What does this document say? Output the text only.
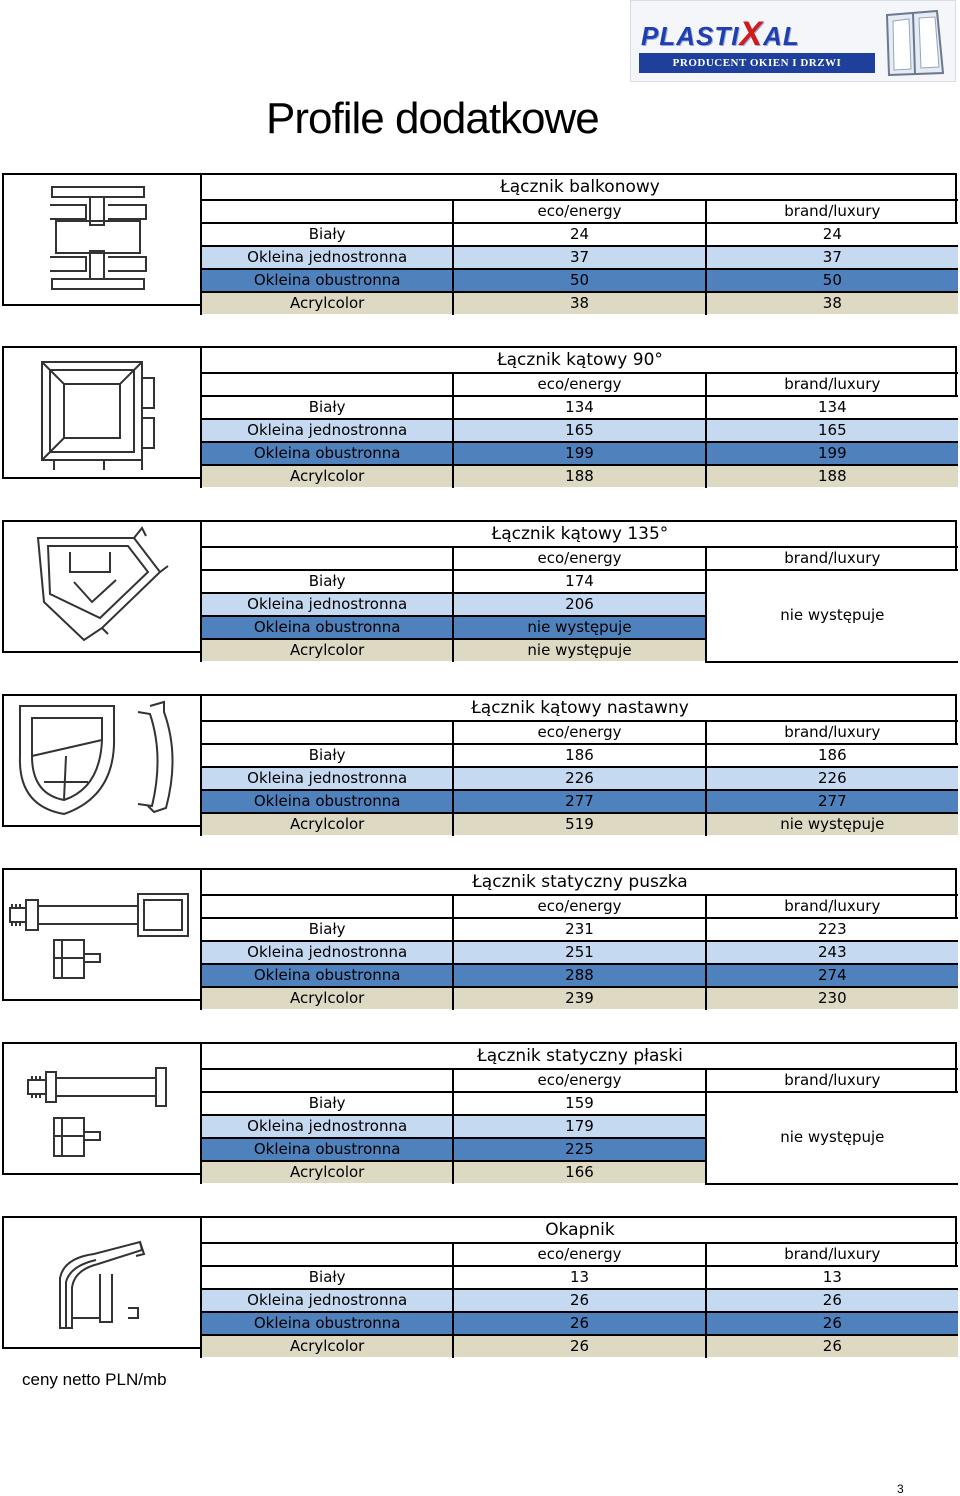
PLASTIXAL
PRODUCENT OKIEN I DRZWI
Profile dodatkowe
Łącznik balkonowy		
	eco/energy	brand/luxury
Biały	24	24
Okleina jednostronna	37	37
Okleina obustronna	50	50
Acrylcolor	38	38
Łącznik kątowy 90°		
	eco/energy	brand/luxury
Biały	134	134
Okleina jednostronna	165	165
Okleina obustronna	199	199
Acrylcolor	188	188
Łącznik kątowy 135°		
	eco/energy	brand/luxury
Biały	174	nie występuje
Okleina jednostronna	206	
Okleina obustronna	nie występuje	
Acrylcolor	nie występuje	
Łącznik kątowy nastawny		
	eco/energy	brand/luxury
Biały	186	186
Okleina jednostronna	226	226
Okleina obustronna	277	277
Acrylcolor	519	nie występuje
Łącznik statyczny puszka		
	eco/energy	brand/luxury
Biały	231	223
Okleina jednostronna	251	243
Okleina obustronna	288	274
Acrylcolor	239	230
Łącznik statyczny płaski		
	eco/energy	brand/luxury
Biały	159	nie występuje
Okleina jednostronna	179	
Okleina obustronna	225	
Acrylcolor	166	
Okapnik		
	eco/energy	brand/luxury
Biały	13	13
Okleina jednostronna	26	26
Okleina obustronna	26	26
Acrylcolor	26	26
ceny netto PLN/mb
3
